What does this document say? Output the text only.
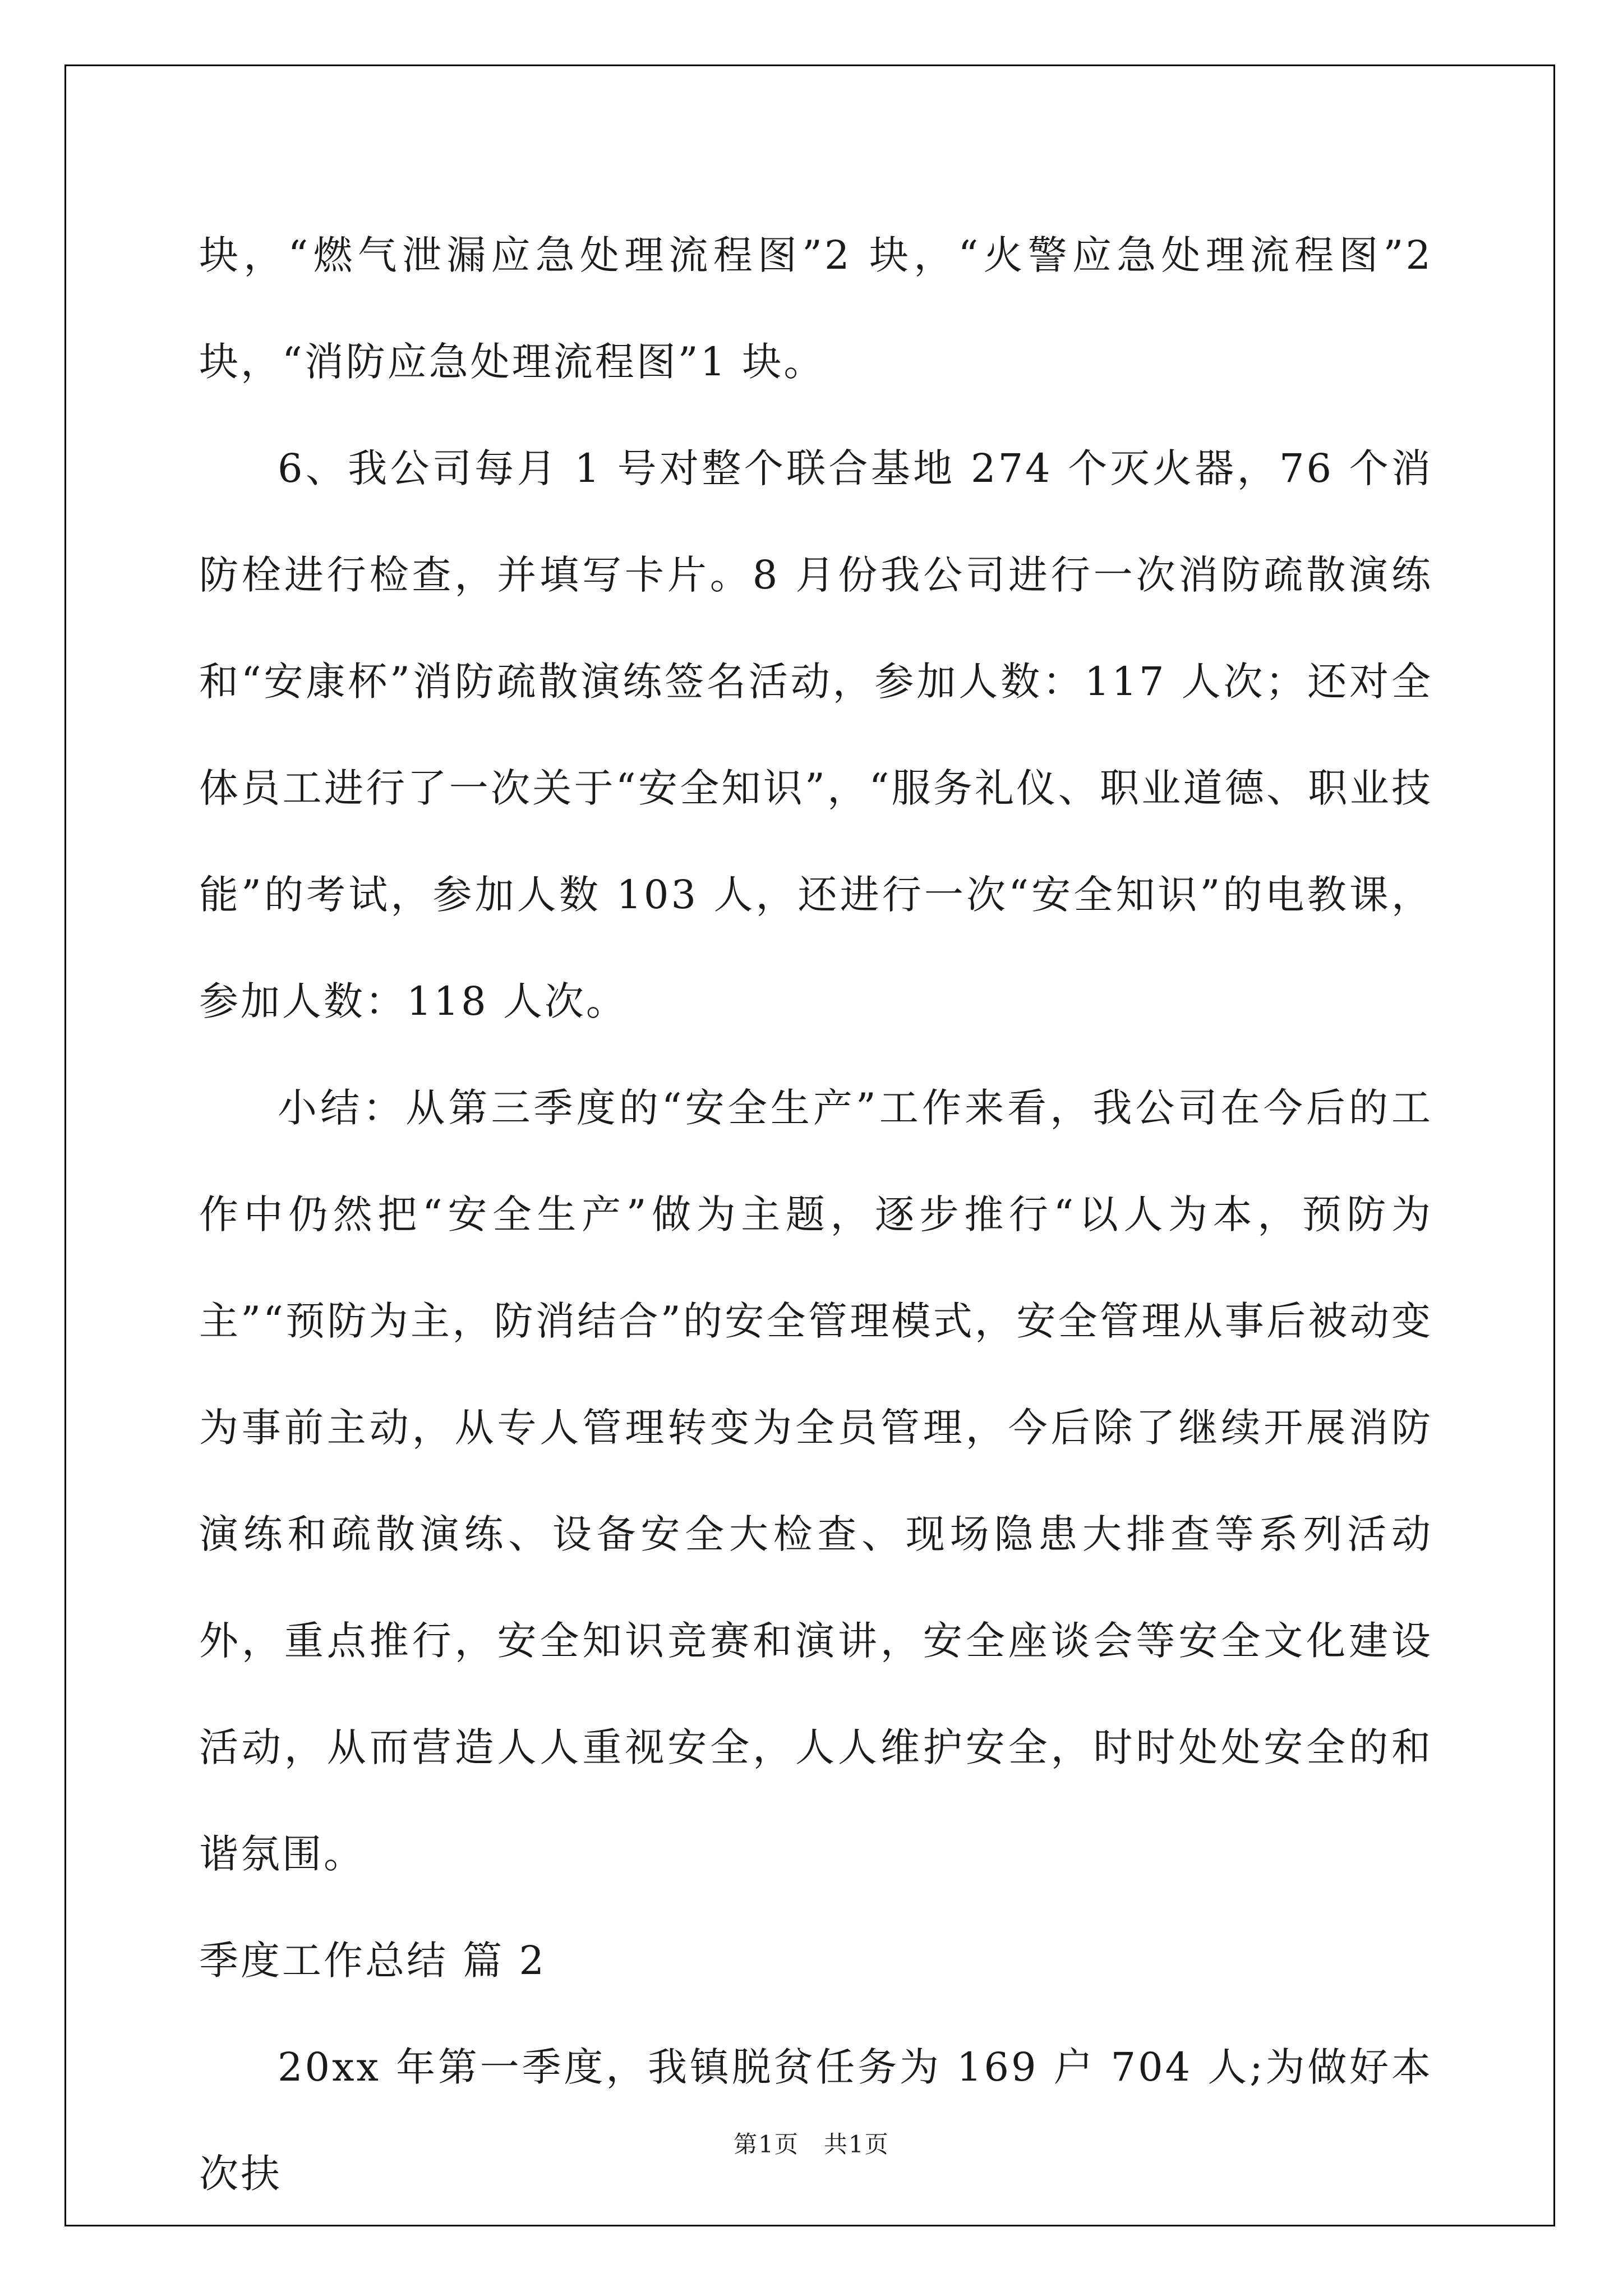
块，“燃气泄漏应急处理流程图”2 块，“火警应急处理流程图”2 块，“消防应急处理流程图”1 块。

6、我公司每月 1 号对整个联合基地 274 个灭火器，76 个消防栓进行检查，并填写卡片。8 月份我公司进行一次消防疏散演练和“安康杯”消防疏散演练签名活动，参加人数：117 人次；还对全体员工进行了一次关于“安全知识”，“服务礼仪、职业道德、职业技能”的考试，参加人数 103 人，还进行一次“安全知识”的电教课，参加人数：118 人次。

小结：从第三季度的“安全生产”工作来看，我公司在今后的工作中仍然把“安全生产”做为主题，逐步推行“以人为本，预防为主”“预防为主，防消结合”的安全管理模式，安全管理从事后被动变为事前主动，从专人管理转变为全员管理，今后除了继续开展消防演练和疏散演练、设备安全大检查、现场隐患大排查等系列活动外，重点推行，安全知识竞赛和演讲，安全座谈会等安全文化建设活动，从而营造人人重视安全，人人维护安全，时时处处安全的和谐氛围。

季度工作总结 篇 2

20xx 年第一季度，我镇脱贫任务为 169 户 704 人;为做好本次扶

第1页　共1页
